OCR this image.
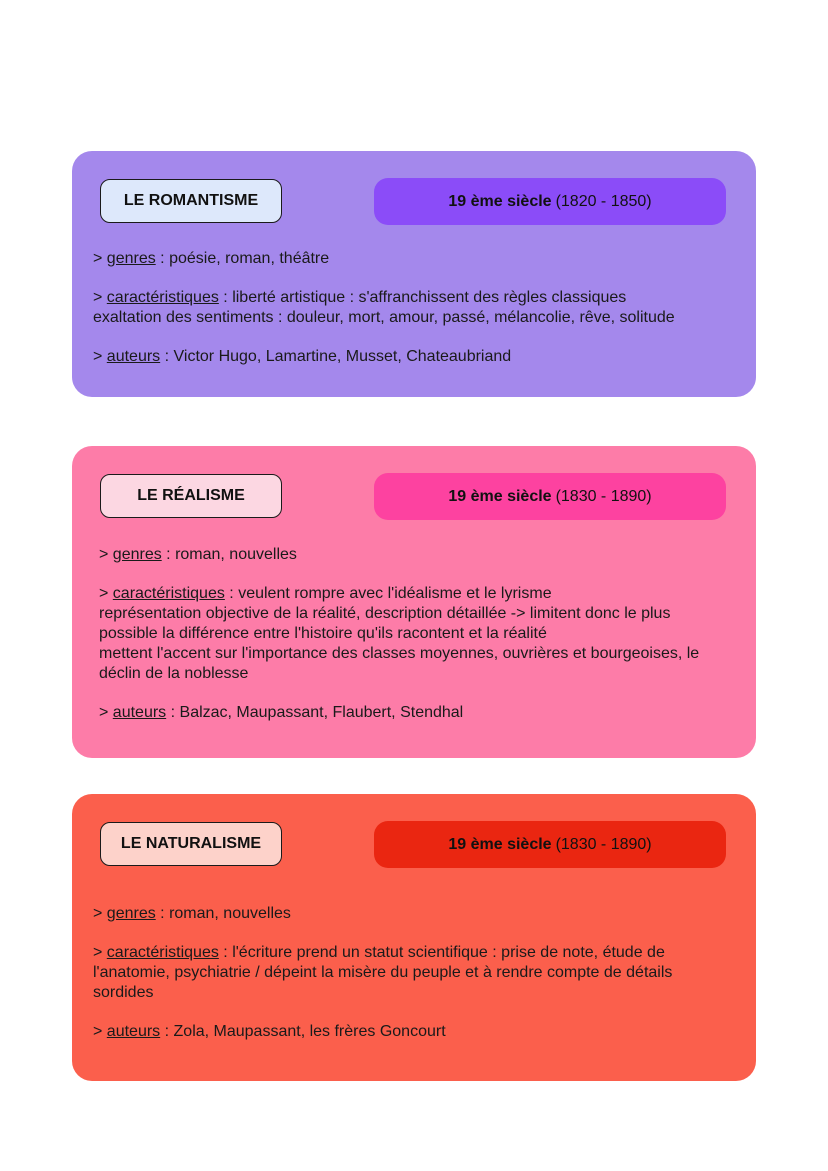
LE ROMANTISME	19 ème siècle (1820 - 1850)

> genres : poésie, roman, théâtre

> caractéristiques : liberté artistique : s'affranchissent des règles classiques
exaltation des sentiments : douleur, mort, amour, passé, mélancolie, rêve, solitude

> auteurs : Victor Hugo, Lamartine, Musset, Chateaubriand

LE RÉALISME	19 ème siècle (1830 - 1890)

> genres : roman, nouvelles

> caractéristiques : veulent rompre avec l'idéalisme et le lyrisme
représentation objective de la réalité, description détaillée -> limitent donc le plus
possible la différence entre l'histoire qu'ils racontent et la réalité
mettent l'accent sur l'importance des classes moyennes, ouvrières et bourgeoises, le
déclin de la noblesse

> auteurs : Balzac, Maupassant, Flaubert, Stendhal

LE NATURALISME	19 ème siècle (1830 - 1890)

> genres : roman, nouvelles

> caractéristiques : l'écriture prend un statut scientifique : prise de note, étude de
l'anatomie, psychiatrie / dépeint la misère du peuple et à rendre compte de détails
sordides

> auteurs : Zola, Maupassant, les frères Goncourt
